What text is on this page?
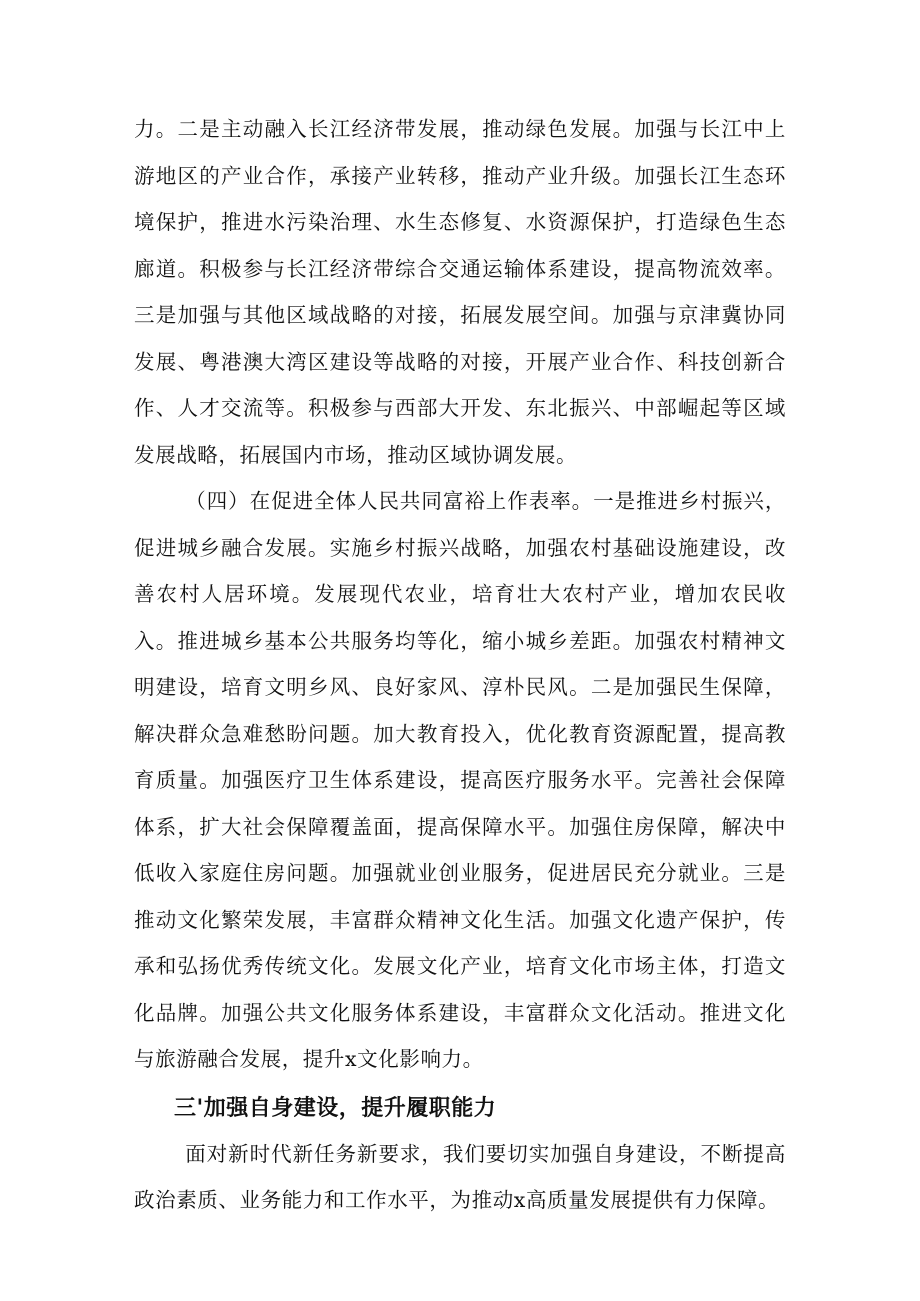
力。二是主动融入长江经济带发展，推动绿色发展。加强与长江中上游地区的产业合作，承接产业转移，推动产业升级。加强长江生态环境保护，推进水污染治理、水生态修复、水资源保护，打造绿色生态廊道。积极参与长江经济带综合交通运输体系建设，提高物流效率。三是加强与其他区域战略的对接，拓展发展空间。加强与京津冀协同发展、粤港澳大湾区建设等战略的对接，开展产业合作、科技创新合作、人才交流等。积极参与西部大开发、东北振兴、中部崛起等区域发展战略，拓展国内市场，推动区域协调发展。

（四）在促进全体人民共同富裕上作表率。一是推进乡村振兴，促进城乡融合发展。实施乡村振兴战略，加强农村基础设施建设，改善农村人居环境。发展现代农业，培育壮大农村产业，增加农民收入。推进城乡基本公共服务均等化，缩小城乡差距。加强农村精神文明建设，培育文明乡风、良好家风、淳朴民风。二是加强民生保障，解决群众急难愁盼问题。加大教育投入，优化教育资源配置，提高教育质量。加强医疗卫生体系建设，提高医疗服务水平。完善社会保障体系，扩大社会保障覆盖面，提高保障水平。加强住房保障，解决中低收入家庭住房问题。加强就业创业服务，促进居民充分就业。三是推动文化繁荣发展，丰富群众精神文化生活。加强文化遗产保护，传承和弘扬优秀传统文化。发展文化产业，培育文化市场主体，打造文化品牌。加强公共文化服务体系建设，丰富群众文化活动。推进文化与旅游融合发展，提升x文化影响力。

三'加强自身建设，提升履职能力

面对新时代新任务新要求，我们要切实加强自身建设，不断提高政治素质、业务能力和工作水平，为推动x高质量发展提供有力保障。
